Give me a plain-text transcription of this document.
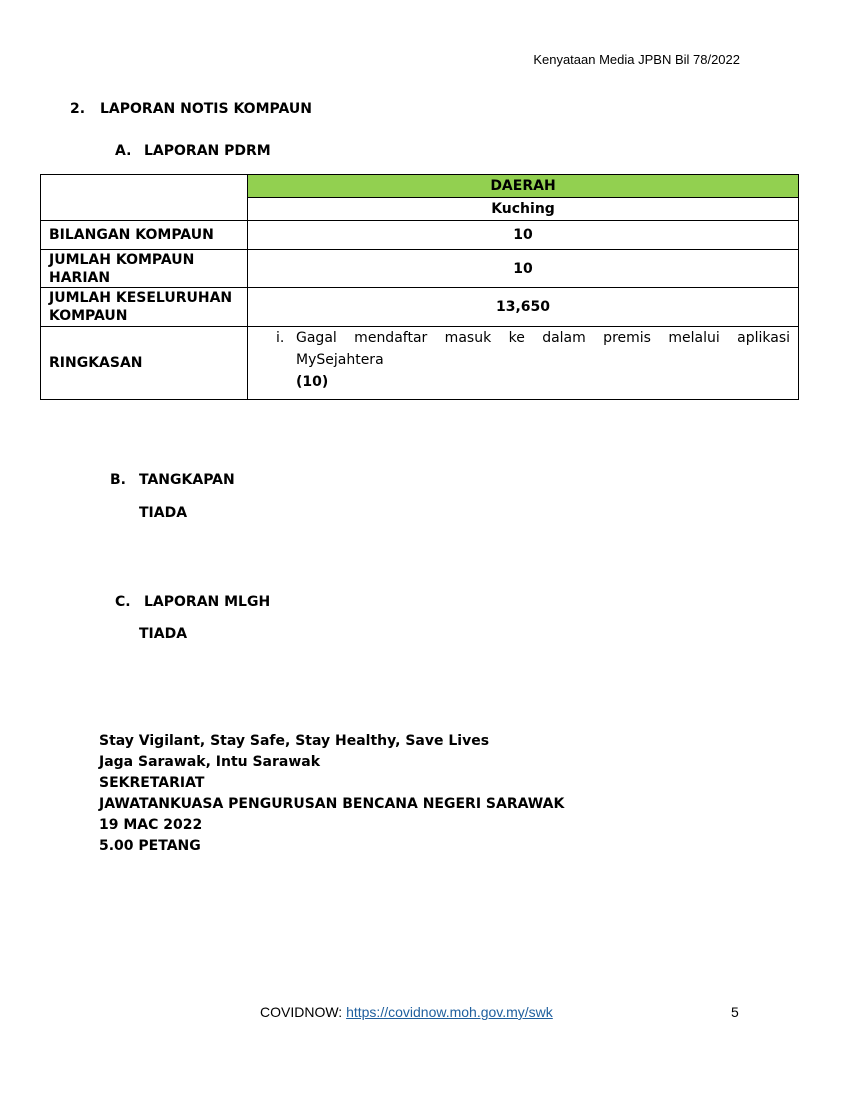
Kenyataan Media JPBN Bil 78/2022
2. LAPORAN NOTIS KOMPAUN
A. LAPORAN PDRM
	DAERAH
	Kuching
BILANGAN KOMPAUN	10
JUMLAH KOMPAUN
HARIAN	10
JUMLAH KESELURUHAN
KOMPAUN	13,650
RINGKASAN	i. Gagal mendaftar masuk ke dalam premis melalui aplikasi MySejahtera
(10)
B. TANGKAPAN
TIADA
C. LAPORAN MLGH
TIADA
Stay Vigilant, Stay Safe, Stay Healthy, Save Lives
Jaga Sarawak, Intu Sarawak
SEKRETARIAT
JAWATANKUASA PENGURUSAN BENCANA NEGERI SARAWAK
19 MAC 2022
5.00 PETANG
COVIDNOW: https://covidnow.moh.gov.my/swk	5
